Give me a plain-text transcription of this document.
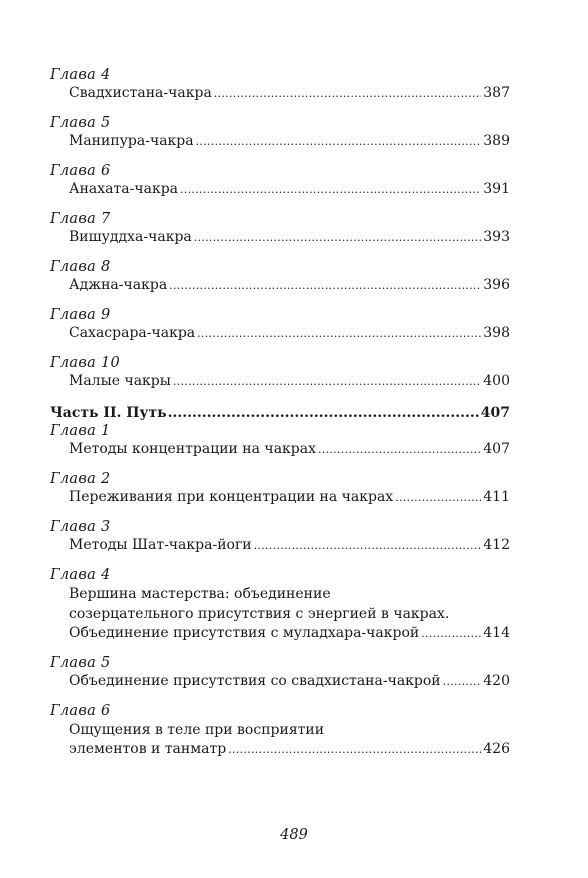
Глава 4
Свадхистана-чакра .....	387
Глава 5
Манипура-чакра .....	389
Глава 6
Анахата-чакра .....	391
Глава 7
Вишуддха-чакра .....	393
Глава 8
Аджна-чакра .....	396
Глава 9
Сахасрара-чакра .....	398
Глава 10
Малые чакры .....	400
Часть II. Путь .....	407
Глава 1
Методы концентрации на чакрах .....	407
Глава 2
Переживания при концентрации на чакрах .....	411
Глава 3
Методы Шат-чакра-йоги .....	412
Глава 4
Вершина мастерства: объединение
созерцательного присутствия с энергией в чакрах.
Объединение присутствия с муладхара-чакрой .....	414
Глава 5
Объединение присутствия со свадхистана-чакрой .....	420
Глава 6
Ощущения в теле при восприятии
элементов и танматр .....	426
489
